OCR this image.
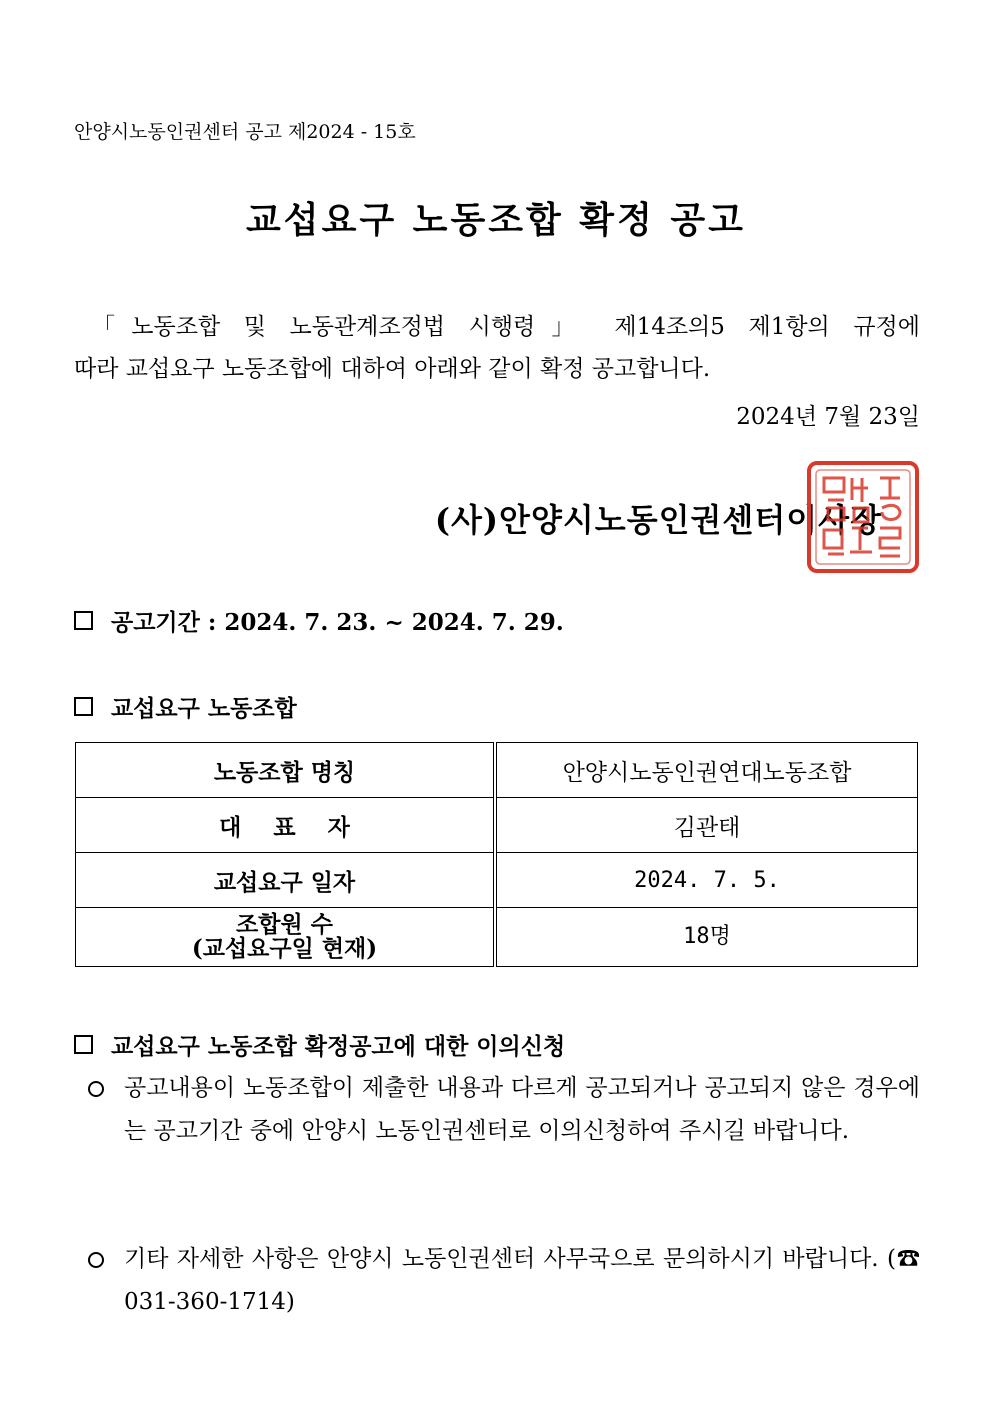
안양시노동인권센터 공고 제2024 - 15호
교섭요구 노동조합 확정 공고
「노동조합 및 노동관계조정법 시행령」 제14조의5 제1항의 규정에
따라 교섭요구 노동조합에 대하여 아래와 같이 확정 공고합니다.
2024년 7월 23일
(사)안양시노동인권센터이사장
공고기간 : 2024. 7. 23. ~ 2024. 7. 29.
교섭요구 노동조합
노동조합 명칭	안양시노동인권연대노동조합
대    표    자	김관태
교섭요구 일자	2024. 7. 5.

조합원 수
(교섭요구일 현재)	18명
교섭요구 노동조합 확정공고에 대한 이의신청
공고내용이 노동조합이 제출한 내용과 다르게 공고되거나 공고되지 않은 경우에는 공고기간 중에 안양시 노동인권센터로 이의신청하여 주시길 바랍니다.
기타 자세한 사항은 안양시 노동인권센터 사무국으로 문의하시기 바랍니다. (☎ 031-360-1714)
